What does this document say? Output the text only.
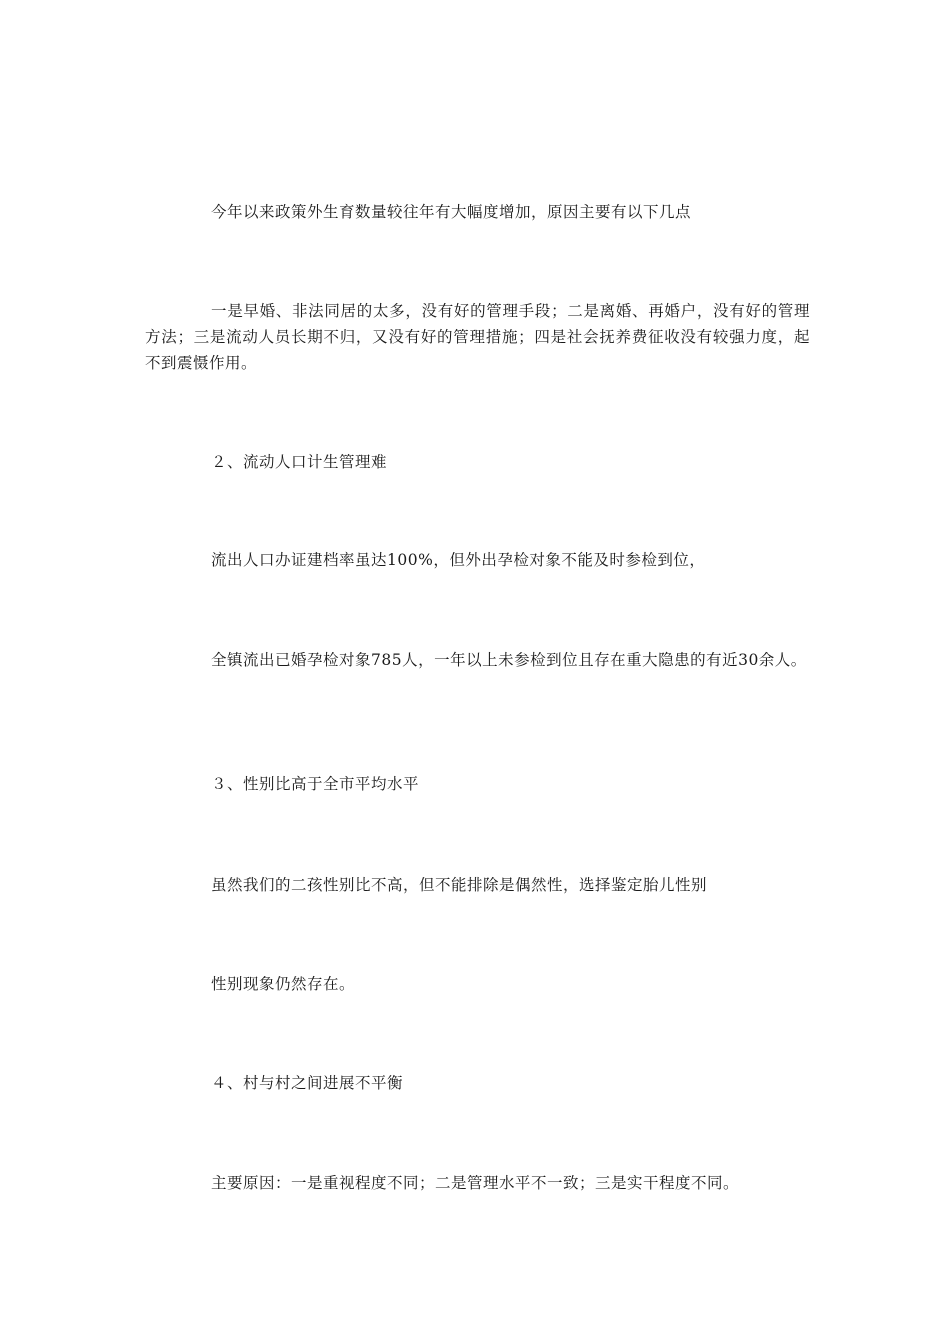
今年以来政策外生育数量较往年有大幅度增加，原因主要有以下几点

一是早婚、非法同居的太多，没有好的管理手段；二是离婚、再婚户，没有好的管理方法；三是流动人员长期不归，又没有好的管理措施；四是社会抚养费征收没有较强力度，起不到震慑作用。

２、流动人口计生管理难

流出人口办证建档率虽达100%，但外出孕检对象不能及时参检到位，

全镇流出已婚孕检对象785人，一年以上未参检到位且存在重大隐患的有近30余人。

３、性别比高于全市平均水平

虽然我们的二孩性别比不高，但不能排除是偶然性，选择鉴定胎儿性别

性别现象仍然存在。

４、村与村之间进展不平衡

主要原因：一是重视程度不同；二是管理水平不一致；三是实干程度不同。
